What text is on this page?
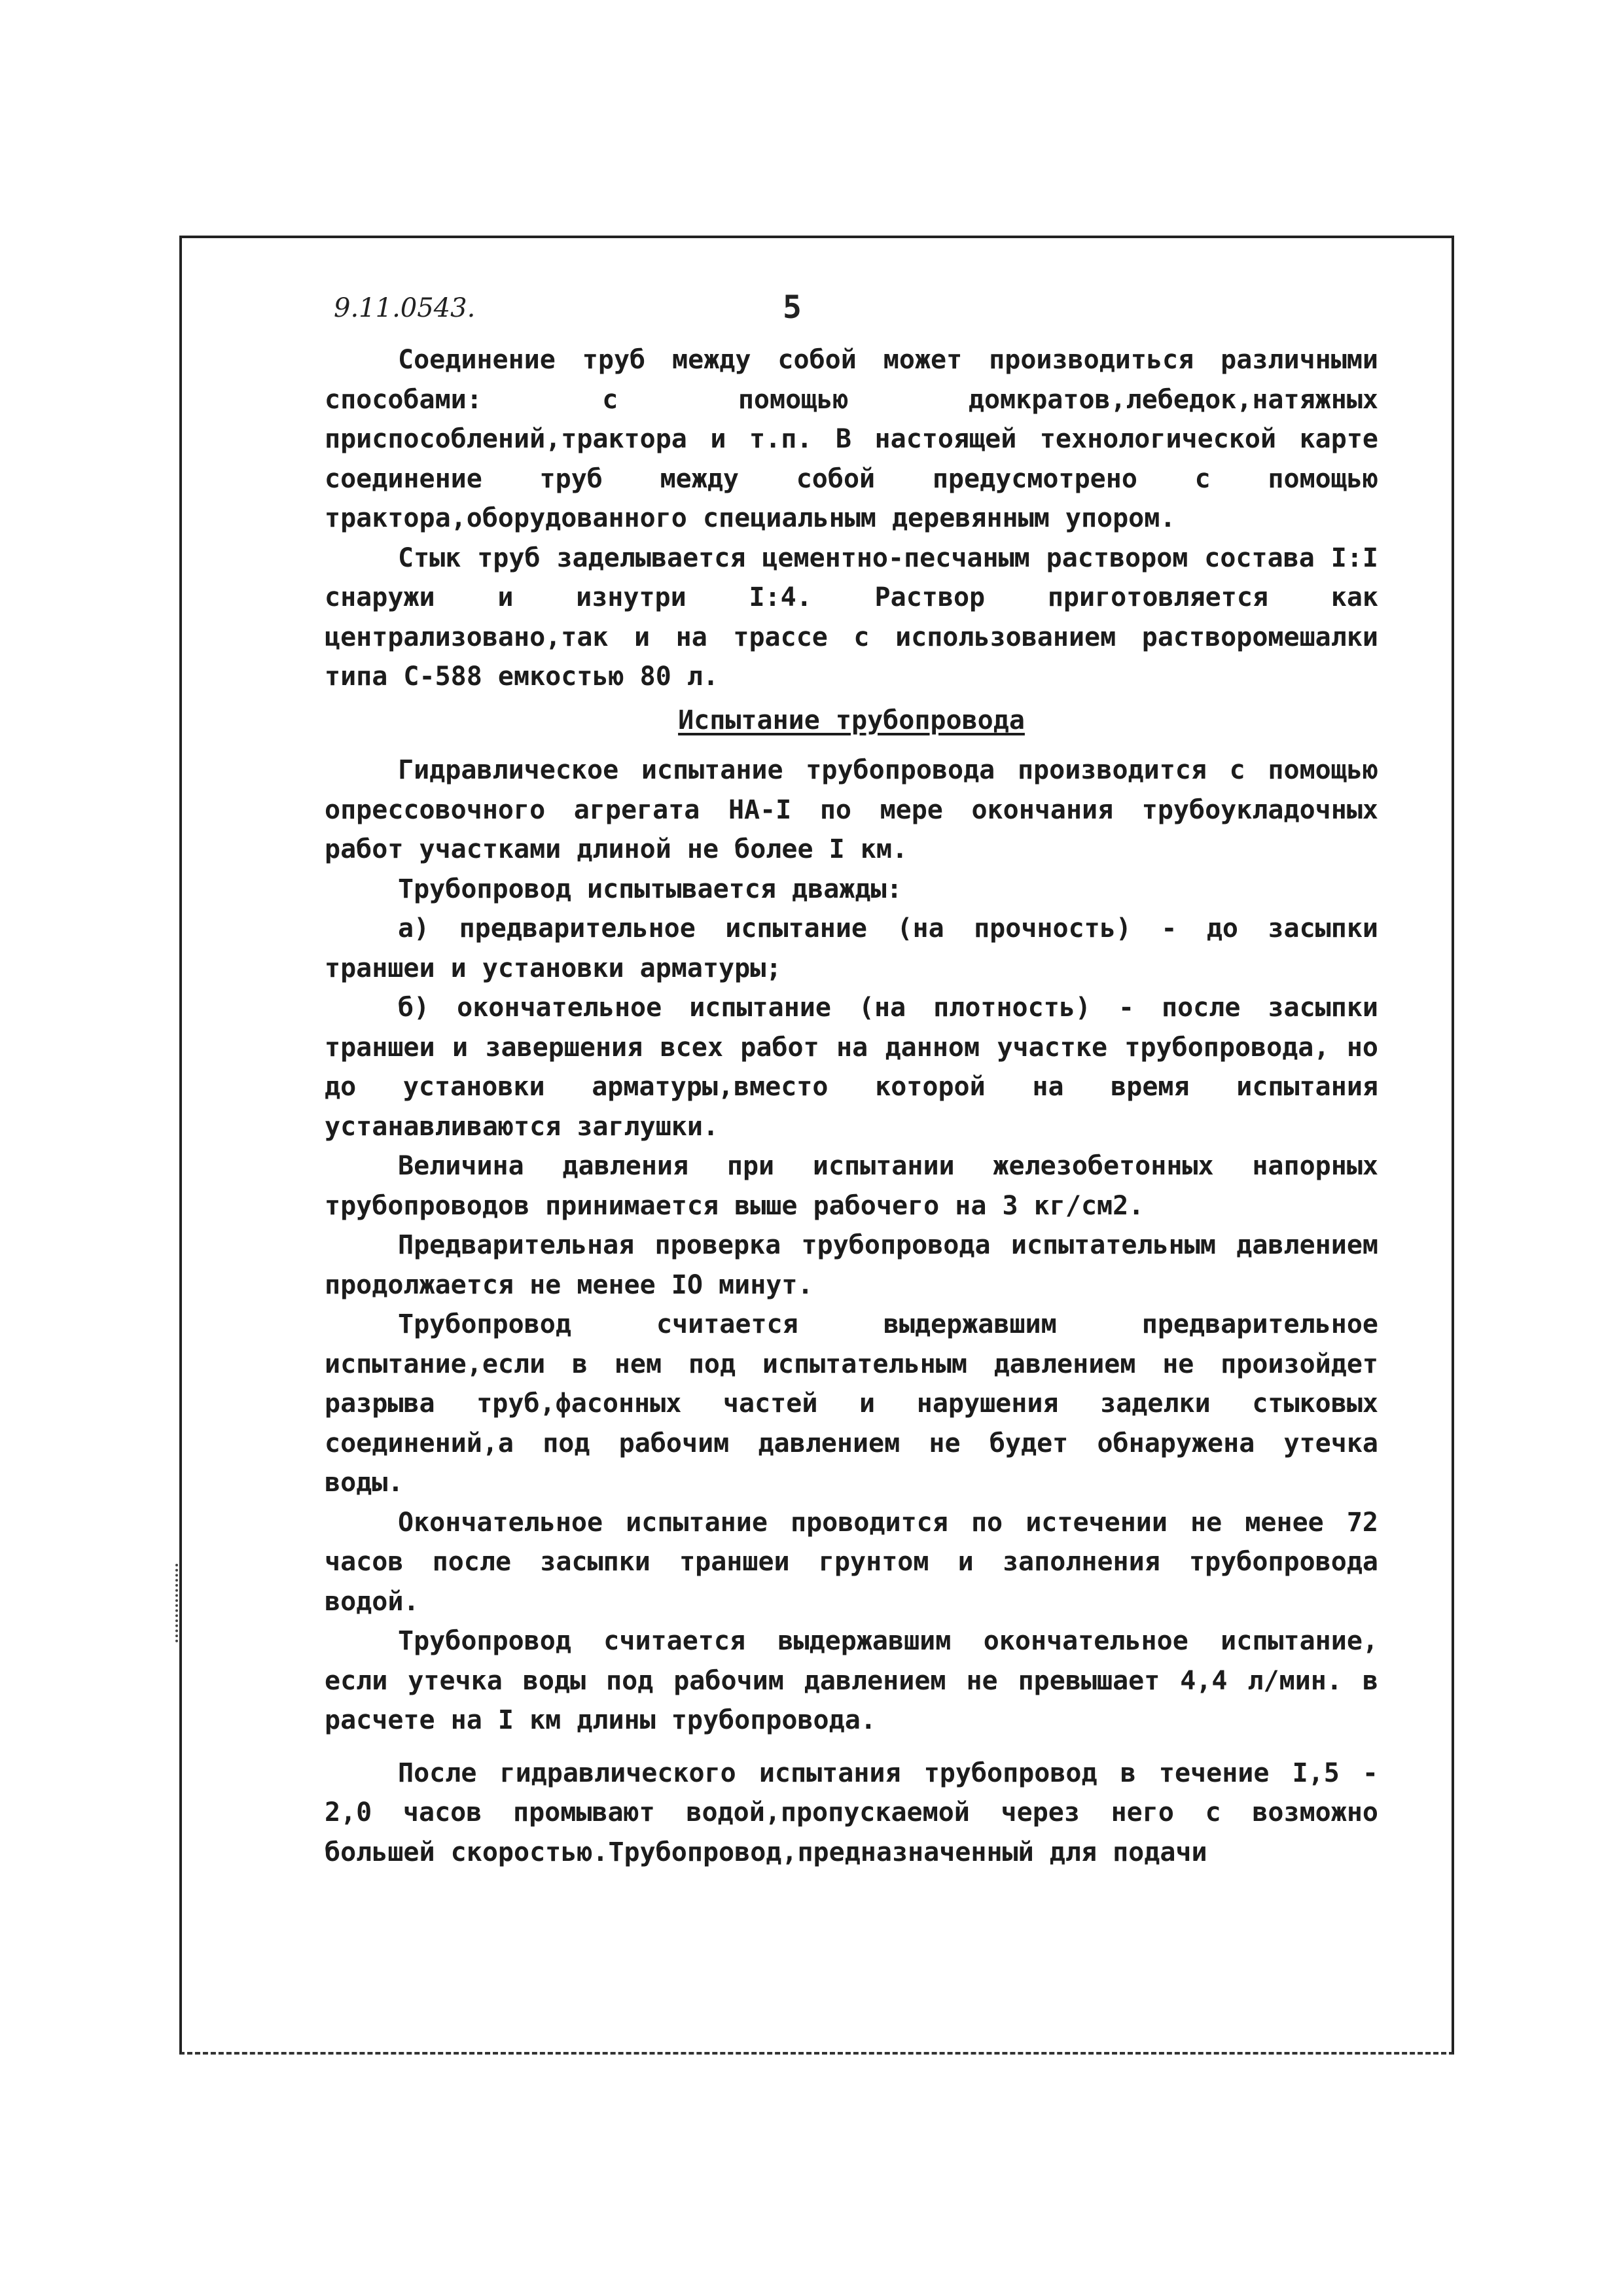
9.11.0543.	5

Соединение труб между собой может производиться различными способами: с помощью домкратов,лебедок,натяжных приспособлений,трактора и т.п. В настоящей технологической карте соединение труб между собой предусмотрено с помощью трактора,оборудованного специальным деревянным упором.

Стык труб заделывается цементно-песчаным раствором состава I:I снаружи и изнутри I:4. Раствор приготовляется как централизовано,так и на трассе с использованием растворомешалки типа С-588 емкостью 80 л.

Испытание трубопровода

Гидравлическое испытание трубопровода производится с помощью опрессовочного агрегата НА-I по мере окончания трубоукладочных работ участками длиной не более I км.

Трубопровод испытывается дважды:

а) предварительное испытание (на прочность) - до засыпки траншеи и установки арматуры;

б) окончательное испытание (на плотность) - после засыпки траншеи и завершения всех работ на данном участке трубопровода, но до установки арматуры,вместо которой на время испытания устанавливаются заглушки.

Величина давления при испытании железобетонных напорных трубопроводов принимается выше рабочего на 3 кг/см2.

Предварительная проверка трубопровода испытательным давлением продолжается не менее IO минут.

Трубопровод считается выдержавшим предварительное испытание,если в нем под испытательным давлением не произойдет разрыва труб,фасонных частей и нарушения заделки стыковых соединений,а под рабочим давлением не будет обнаружена утечка воды.

Окончательное испытание проводится по истечении не менее 72 часов после засыпки траншеи грунтом и заполнения трубопровода водой.

Трубопровод считается выдержавшим окончательное испытание, если утечка воды под рабочим давлением не превышает 4,4 л/мин. в расчете на I км длины трубопровода.

После гидравлического испытания трубопровод в течение I,5 - 2,0 часов промывают водой,пропускаемой через него с возможно большей скоростью.Трубопровод,предназначенный для подачи
